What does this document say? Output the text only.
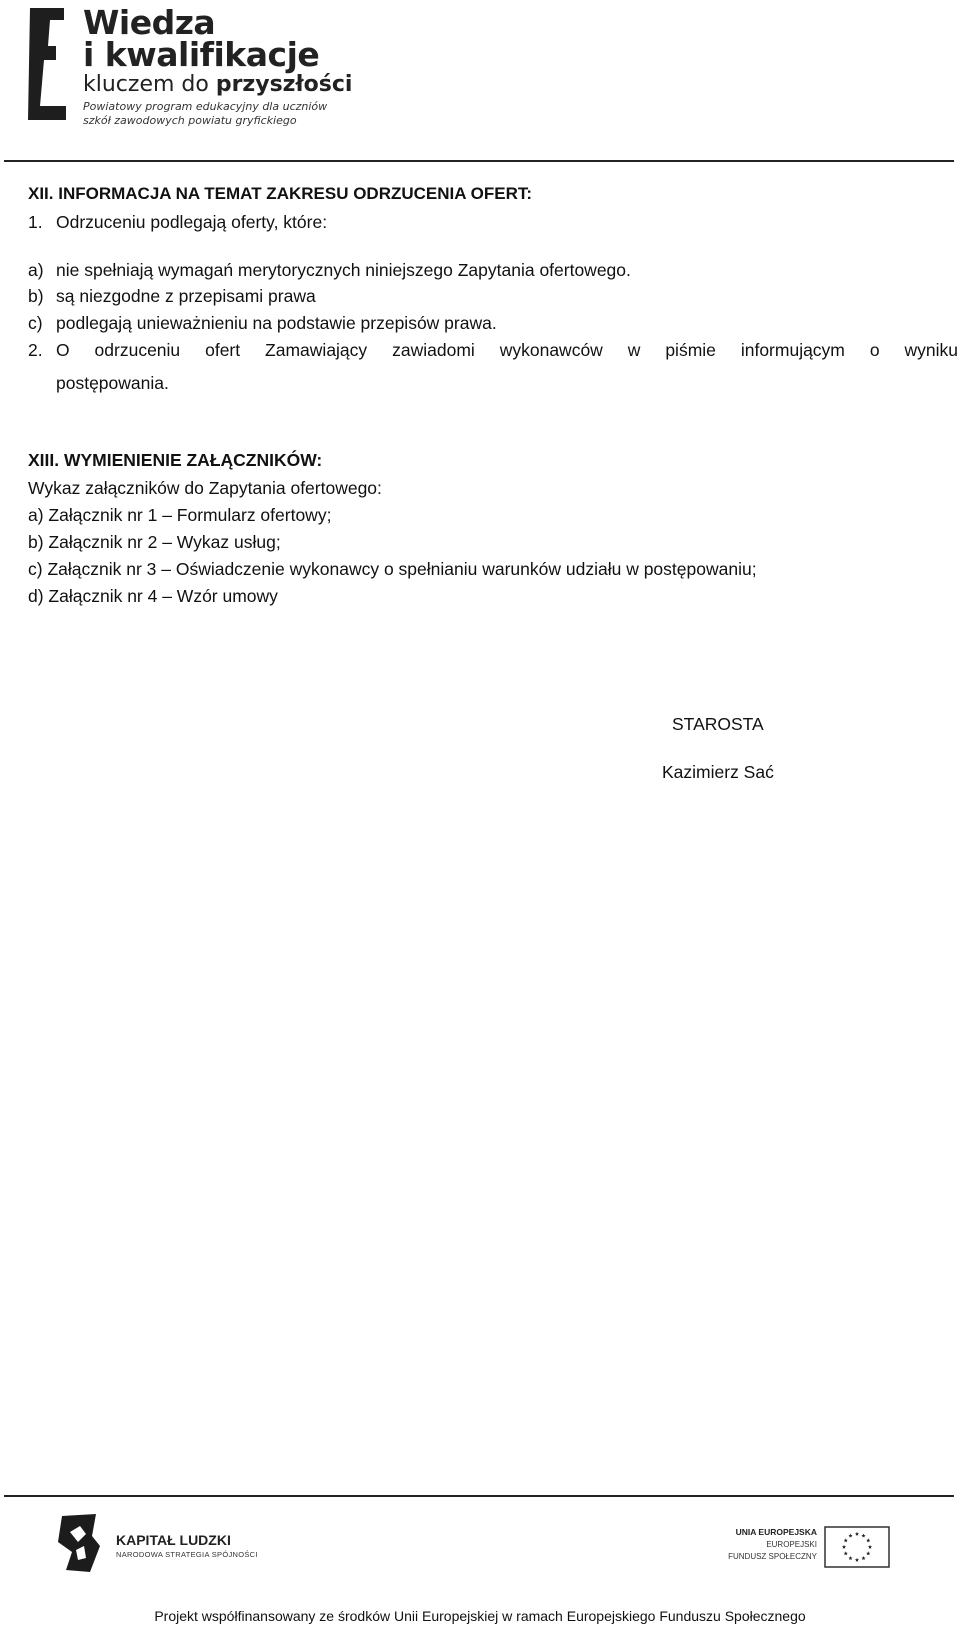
Wiedza
i kwalifikacje
kluczem do przyszłości
Powiatowy program edukacyjny dla uczniów
szkół zawodowych powiatu gryfickiego
XII. INFORMACJA NA TEMAT ZAKRESU ODRZUCENIA OFERT:
1. Odrzuceniu podlegają oferty, które:
a) nie spełniają wymagań merytorycznych niniejszego Zapytania ofertowego.
b) są niezgodne z przepisami prawa
c) podlegają unieważnieniu na podstawie przepisów prawa.
2. O odrzuceniu ofert Zamawiający zawiadomi wykonawców w piśmie informującym o wyniku
postępowania.
XIII. WYMIENIENIE ZAŁĄCZNIKÓW:
Wykaz załączników do Zapytania ofertowego:
a) Załącznik nr 1 – Formularz ofertowy;
b) Załącznik nr 2 – Wykaz usług;
c) Załącznik nr 3 – Oświadczenie wykonawcy o spełnianiu warunków udziału w postępowaniu;
d) Załącznik nr 4 – Wzór umowy
STAROSTA
Kazimierz Sać
KAPITAŁ LUDZKI
NARODOWA STRATEGIA SPÓJNOŚCI
UNIA EUROPEJSKA
EUROPEJSKI
FUNDUSZ SPOŁECZNY
Projekt współfinansowany ze środków Unii Europejskiej w ramach Europejskiego Funduszu Społecznego
